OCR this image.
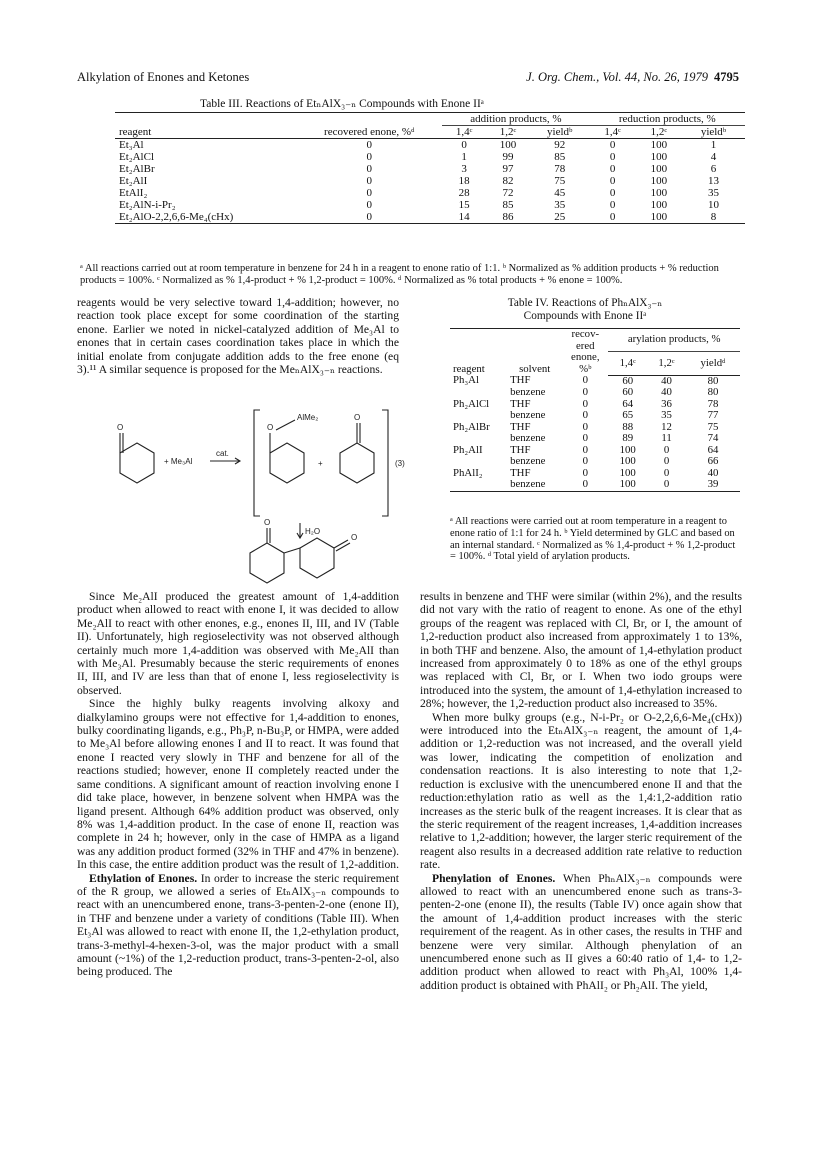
Alkylation of Enones and Ketones	J. Org. Chem., Vol. 44, No. 26, 1979 4795
Table III. Reactions of EtₙAlX₃₋ₙ Compounds with Enone IIᵃ
		addition products, %			reduction products, %		
reagent	recovered enone, %ᵈ	1,4ᶜ	1,2ᶜ	yieldᵇ	1,4ᶜ	1,2ᶜ	yieldᵇ
Et₃Al	0	0	100	92	0	100	1
Et₂AlCl	0	1	99	85	0	100	4
Et₂AlBr	0	3	97	78	0	100	6
Et₂AlI	0	18	82	75	0	100	13
EtAlI₂	0	28	72	45	0	100	35
Et₂AlN-i-Pr₂	0	15	85	35	0	100	10
Et₂AlO-2,2,6,6-Me₄(cHx)	0	14	86	25	0	100	8
ᵃ All reactions carried out at room temperature in benzene for 24 h in a reagent to enone ratio of 1:1. ᵇ Normalized as % addition products + % reduction products = 100%. ᶜ Normalized as % 1,4-product + % 1,2-product = 100%. ᵈ Normalized as % total products + % enone = 100%.

reagents would be very selective toward 1,4-addition; however, no reaction took place except for some coordination of the starting enone. Earlier we noted in nickel-catalyzed addition of Me₃Al to enones that in certain cases coordination takes place in which the initial enolate from conjugate addition adds to the free enone (eq 3).¹¹ A similar sequence is proposed for the MeₙAlX₃₋ₙ reactions.

O
+ Me₃Al
cat.
O
AlMe₂
+
O
(3)
H₂O
O
O

Since Me₂AlI produced the greatest amount of 1,4-addition product when allowed to react with enone I, it was decided to allow Me₂AlI to react with other enones, e.g., enones II, III, and IV (Table II). Unfortunately, high regioselectivity was not observed although certainly much more 1,4-addition was observed with Me₂AlI than with Me₃Al. Presumably because the steric requirements of enones II, III, and IV are less than that of enone I, less regioselectivity is observed.

Since the highly bulky reagents involving alkoxy and dialkylamino groups were not effective for 1,4-addition to enones, bulky coordinating ligands, e.g., Ph₃P, n-Bu₃P, or HMPA, were added to Me₃Al before allowing enones I and II to react. It was found that enone I reacted very slowly in THF and benzene for all of the reactions studied; however, enone II completely reacted under the same conditions. A significant amount of reaction involving enone I did take place, however, in benzene solvent when HMPA was the ligand present. Although 64% addition product was observed, only 8% was 1,4-addition product. In the case of enone II, reaction was complete in 24 h; however, only in the case of HMPA as a ligand was any addition product formed (32% in THF and 47% in benzene). In this case, the entire addition product was the result of 1,2-addition.

Ethylation of Enones. In order to increase the steric requirement of the R group, we allowed a series of EtₙAlX₃₋ₙ compounds to react with an unencumbered enone, trans-3-penten-2-one (enone II), in THF and benzene under a variety of conditions (Table III). When Et₃Al was allowed to react with enone II, the 1,2-ethylation product, trans-3-methyl-4-hexen-3-ol, was the major product with a small amount (~1%) of the 1,2-reduction product, trans-3-penten-2-ol, also being produced. The

Table IV. Reactions of PhₙAlX₃₋ₙ
Compounds with Enone IIᵃ
reagent	solvent	recov-ered enone, %ᵇ	arylation products, %		
			1,4ᶜ	1,2ᶜ	yieldᵈ
Ph₃Al	THF	0	60	40	80
	benzene	0	60	40	80
Ph₂AlCl	THF	0	64	36	78
	benzene	0	65	35	77
Ph₂AlBr	THF	0	88	12	75
	benzene	0	89	11	74
Ph₂AlI	THF	0	100	0	64
	benzene	0	100	0	66
PhAlI₂	THF	0	100	0	40
	benzene	0	100	0	39
ᵃ All reactions were carried out at room temperature in a reagent to enone ratio of 1:1 for 24 h. ᵇ Yield determined by GLC and based on an internal standard. ᶜ Normalized as % 1,4-product + % 1,2-product = 100%. ᵈ Total yield of arylation products.

results in benzene and THF were similar (within 2%), and the results did not vary with the ratio of reagent to enone. As one of the ethyl groups of the reagent was replaced with Cl, Br, or I, the amount of 1,2-reduction product also increased from approximately 1 to 13%, in both THF and benzene. Also, the amount of 1,4-ethylation product increased from approximately 0 to 18% as one of the ethyl groups was replaced with Cl, Br, or I. When two iodo groups were introduced into the system, the amount of 1,4-ethylation increased to 28%; however, the 1,2-reduction product also increased to 35%.

When more bulky groups (e.g., N-i-Pr₂ or O-2,2,6,6-Me₄(cHx)) were introduced into the EtₙAlX₃₋ₙ reagent, the amount of 1,4-addition or 1,2-reduction was not increased, and the overall yield was lower, indicating the competition of enolization and condensation reactions. It is also interesting to note that 1,2-reduction is exclusive with the unencumbered enone II and that the reduction:ethylation ratio as well as the 1,4:1,2-addition ratio increases as the steric bulk of the reagent increases. It is clear that as the steric requirement of the reagent increases, 1,4-addition increases relative to 1,2-addition; however, the larger steric requirement of the reagent also results in a decreased addition rate relative to reduction rate.

Phenylation of Enones. When PhₙAlX₃₋ₙ compounds were allowed to react with an unencumbered enone such as trans-3-penten-2-one (enone II), the results (Table IV) once again show that the amount of 1,4-addition product increases with the steric requirement of the reagent. As in other cases, the results in THF and benzene were very similar. Although phenylation of an unencumbered enone such as II gives a 60:40 ratio of 1,4- to 1,2-addition product when allowed to react with Ph₃Al, 100% 1,4-addition product is obtained with PhAlI₂ or Ph₂AlI. The yield,
